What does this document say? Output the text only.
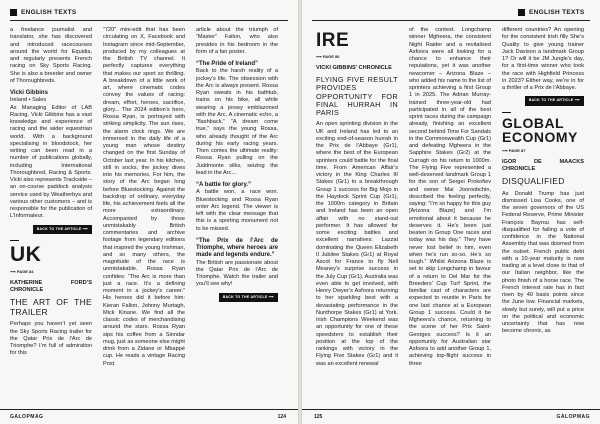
ENGLISH TEXTS

a freelance journalist and translator, she has discovered and introduced racecourses around the world for Equidia, and regularly presents French racing on Sky Sports Racing. She is also a breeder and owner of Thoroughbreds.

Vicki Gibbins

Ireland • Sales

As Managing Editor of LAB Racing, Vicki Gibbins has a vast knowledge and experience of racing and the wider equestrian world. With a background specialising in bloodstock, her writing can been read in a number of publications globally, including International Thoroughbred, Racing & Sports. Vicki also represents Trackside – an on-course paddock analysis service used by Weatherbys and various other customers – and is responsible for the publication of L’Informateur.

BACK TO THE ARTICLE ⟶

UK

⟶ PAGE 84

KATHERINE FORD’S CHRONICLE

THE ART OF THE TRAILER

Perhaps you haven’t yet seen the Sky Sports Racing trailer for the Qatar Prix de l’Arc de Triomphe? I’m full of admiration for this

“720” mini-edit that has been circulating on X, Facebook and Instagram since mid-September, produced by my colleagues at the British TV channel. It perfectly captures everything that makes our sport so thrilling. A breakdown of a little work of art, where cinematic codes convey the values of racing: dream, effort, heroes, sacrifice, glory... The 2024 edition’s hero, Rossa Ryan, is portrayed with striking simplicity. The sun rises, the alarm clock rings. We are immersed in the daily life of a young man whose destiny changed on the first Sunday of October last year. In his kitchen, still in socks, the jockey dives into his memories. For him, the story of the Arc began long before Bluestocking. Against the backdrop of ordinary, everyday life, his achievement feels all the more extraordinary. Accompanied by those unmistakably British commentaries and archive footage from legendary editions that inspired the young Irishman, and so many others, the magnitude of the race is unmistakable. Rossa Ryan confides: “The Arc is more than just a race. It’s a defining moment in a jockey’s career.” His heroes did it before him: Kieran Fallon, Johnny Murtagh, Mick Kinane. We find all the classic codes of merchandising around the stars. Rossa Ryan sips his coffee from a Sinndar mug, just as someone else might drink from a Zidane or Mbappé cup. He reads a vintage Racing Post

article about the triumph of “Master” Fallon, who also presides in his bedroom in the form of a fan poster.

“The Pride of Ireland”

Back to the harsh reality of a jockey’s life. The obsession with the Arc is always present. Rossa Ryan sweats in his bathtub, trains on his bike, all while wearing a jersey emblazoned with the Arc. A cinematic echo, a “flashback.” “A dream come true,” says the young Rossa, who already thought of the Arc during his early racing years. Then comes the ultimate reality: Rossa Ryan pulling on the Juddmonte silks, seizing the lead in the Arc...

“A battle for glory.”

A battle won, a race won. Bluestocking and Rossa Ryan enter Arc legend. The viewer is left with the clear message that this is a sporting monument not to be missed.

“The Prix de l’Arc de Triomphe, where heroes are made and legends endure.”

The British are passionate about the Qatar Prix de l’Arc de Triomphe. Watch the trailer and you’ll see why!

BACK TO THE ARTICLE ⟶
GALOPMAG	124
ENGLISH TEXTS

IRE

⟶ PAGE 86

VICKI GIBBINS’ CHRONICLE

FLYING FIVE RESULT PROVIDES OPPORTUNITY FOR FINAL HURRAH IN PARIS

An open sprinting division in the UK and Ireland has led to an exciting end-of-season hurrah in the Prix de l’Abbaye (Gr1), where the best of the European sprinters could battle for the final time. From American Affair’s victory in the King Charles III Stakes (Gr1) to a breakthrough Group 1 success for Big Mojo in the Haydock Sprint Cup (Gr1), the 1000m category in Britain and Ireland has been an open affair with no stand-out performer. It has allowed for some exciting battles and excellent narratives: Lazzat dominating the Queen Elizabeth II Jubilee Stakes (Gr1) at Royal Ascot for France to fly Nell Meaney’s surprise success in the July Cup (Gr1). Australia was even able to get involved, with Henry Dwyer’s Asfoora returning to her sparkling best with a devastating performance in the Nunthorpe Stakes (Gr1) at York. Irish Champions Weekend was an opportunity for one of these speedsters to establish their position at the top of the rankings with victory in the Flying Five Stakes (Gr1) and it was an excellent renewal

of the contest. Longchamp winner Mgheera, the consistent Night Raider and a revitalised Asfoora were all looking for a chance to enhance their reputations, yet it was another newcomer – Arizona Blaze – who added his name to the list of sprinters achieving a first Group 1 in 2025. The Adrian Murray-trained three-year-old had participated in all of the best sprint races during the campaign already, finishing an excellent second behind Time For Sandals in the Commonwealth Cup (Gr1) and defeating Mgheera in the Sapphire Stakes (Gr2) at the Curragh on his return to 1000m. The Flying Five represented a well-deserved landmark Group 1 for the son of Sergei Prokofiev and owner Mai Jooroobchin, described the feeling perfectly, saying: “I’m so happy for this guy [Arizona Blaze] and I’m emotional about it because he deserves it. He’s been just beaten in Group One races and today was his day.” They have never lost belief in him, even when he’s run so-so. He’s so tough.” Whilst Arizona Blaze is set to skip Longchamp in favour of a return to Del Mar for the Breeders’ Cup Turf Sprint, the familiar cast of characters are expected to reunite in Paris for one last chance at a European Group 1 success. Could it be Mgheera’s chance, returning to the scene of her Prix Saint-Georges success? Is it an opportunity for Australian star Asfoora to add another Group 1, achieving top-flight success in three

different countries? An opening for the consistent Irish filly She’s Quality to give young trainer Jack Davison a landmark Group 1? Or will it be JM Jungle’s day, for a first-time winner who took the race with Highfield Princess in 2023? Either way, we’re in for a thriller of a Prix de l’Abbaye.

BACK TO THE ARTICLE ⟶

GLOBAL ECONOMY

⟶ PAGE 87

IGOR DE MAACKS CHRONICLE

DISQUALIFIED

As Donald Trump has just dismissed Lisa Cooks, one of the seven governors of the US Federal Reserve, Prime Minister François Bayrou has self-disqualified for failing a vote of confidence in the National Assembly that was doomed from the outset. French public debt with a 10-year maturity is now trading at a level close to that of our Italian neighbor, like the photo finish of a horse race. The French interest rate has in fact risen by 40 basis points since the June low. Financial markets, slowly but surely, will put a price on the political and economic uncertainty that has now become chronic, as

125	GALOPMAG
